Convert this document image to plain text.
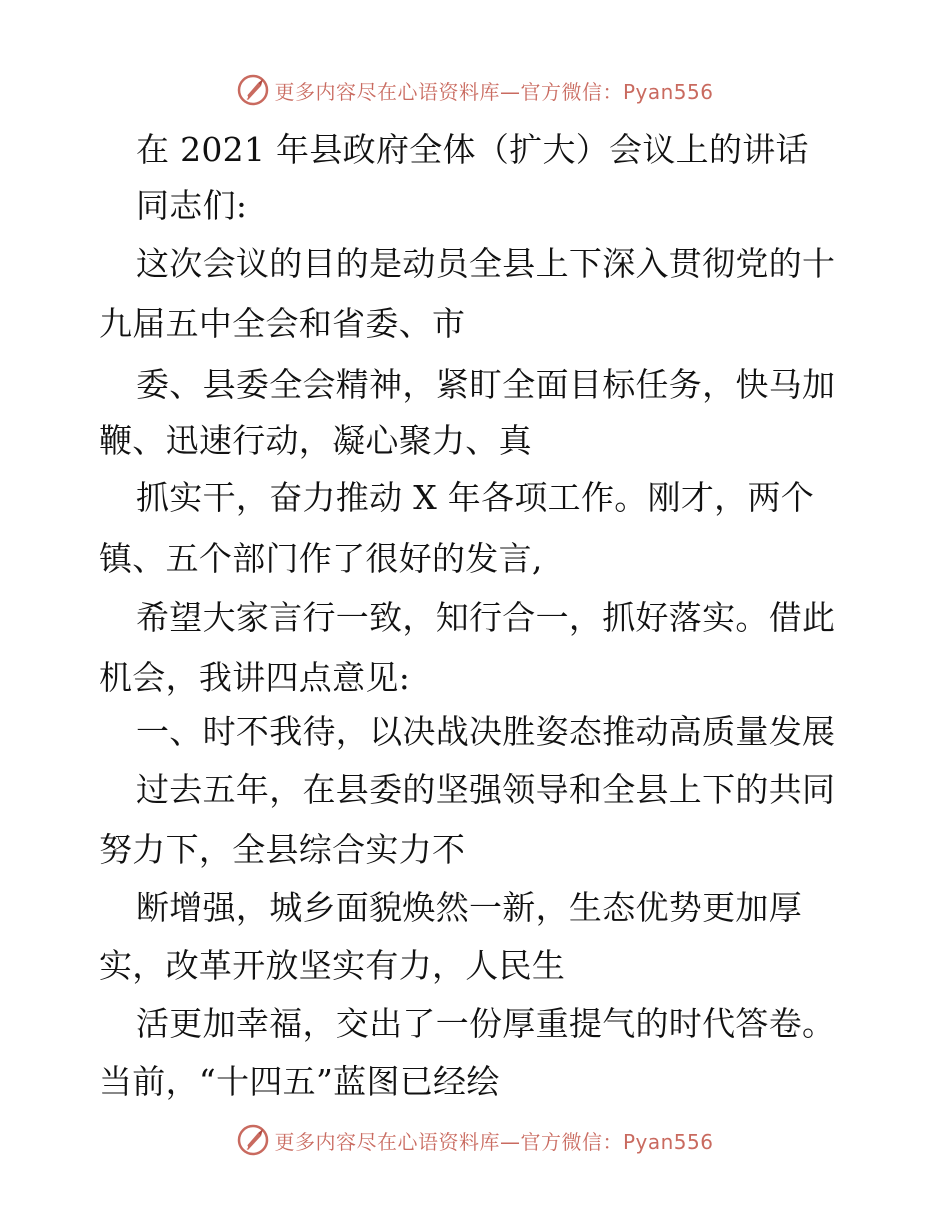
更多内容尽在心语资料库—官方微信：Pyan556
在 2021 年县政府全体（扩大）会议上的讲话
同志们:
这次会议的目的是动员全县上下深入贯彻党的十
九届五中全会和省委、市
委、县委全会精神，紧盯全面目标任务，快马加
鞭、迅速行动，凝心聚力、真
抓实干，奋力推动 X 年各项工作。刚才，两个
镇、五个部门作了很好的发言,
希望大家言行一致，知行合一，抓好落实。借此
机会，我讲四点意见:
一、时不我待，以决战决胜姿态推动高质量发展
过去五年，在县委的坚强领导和全县上下的共同
努力下，全县综合实力不
断增强，城乡面貌焕然一新，生态优势更加厚
实，改革开放坚实有力，人民生
活更加幸福，交出了一份厚重提气的时代答卷。
当前，“十四五”蓝图已经绘
更多内容尽在心语资料库—官方微信：Pyan556
